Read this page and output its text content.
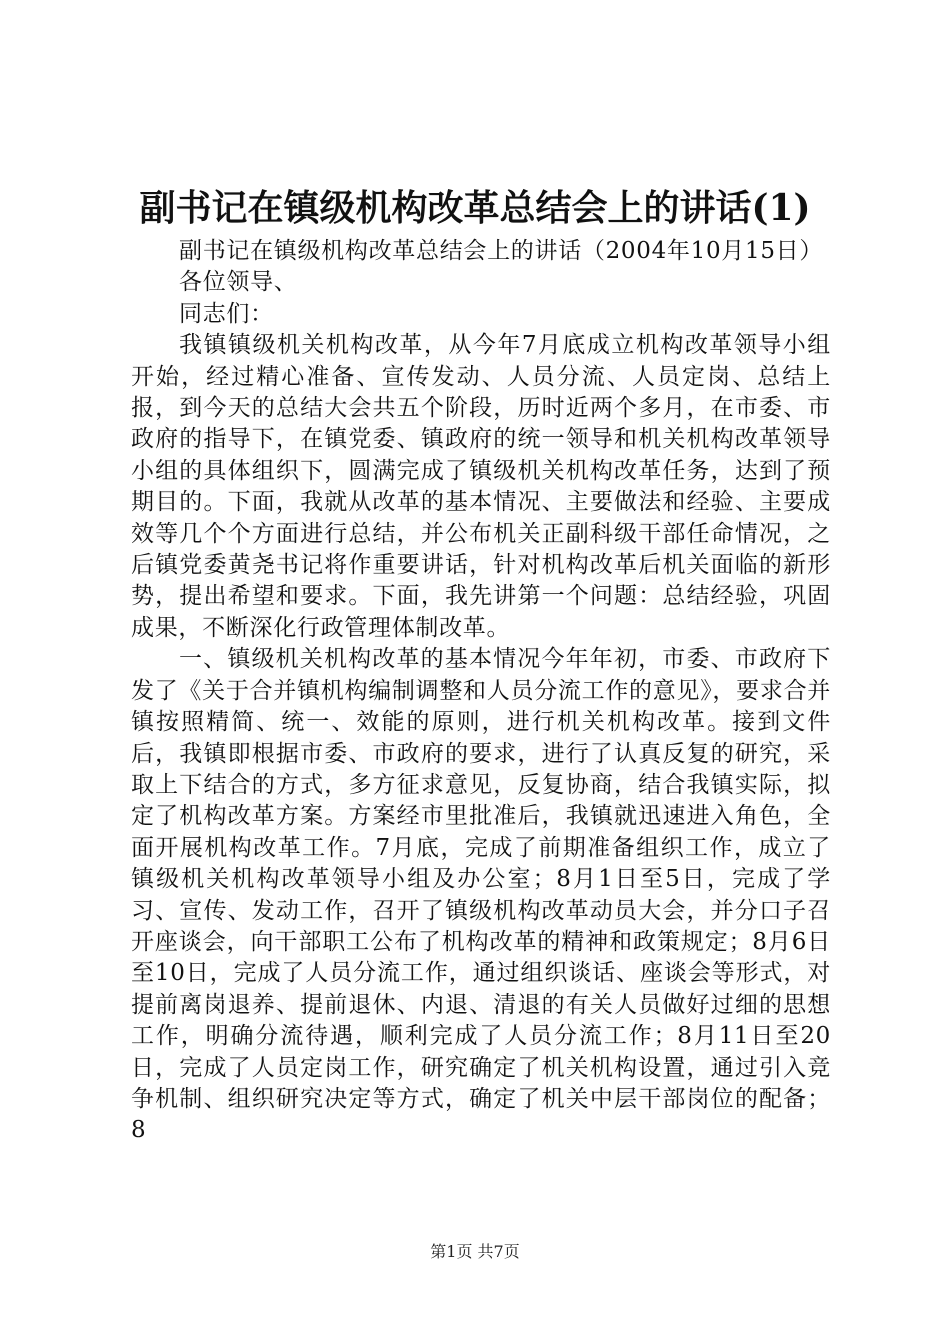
副书记在镇级机构改革总结会上的讲话(1)

副书记在镇级机构改革总结会上的讲话（2004年10月15日）

各位领导、

同志们：

我镇镇级机关机构改革，从今年7月底成立机构改革领导小组开始，经过精心准备、宣传发动、人员分流、人员定岗、总结上报，到今天的总结大会共五个阶段，历时近两个多月，在市委、市政府的指导下，在镇党委、镇政府的统一领导和机关机构改革领导小组的具体组织下，圆满完成了镇级机关机构改革任务，达到了预期目的。下面，我就从改革的基本情况、主要做法和经验、主要成效等几个个方面进行总结，并公布机关正副科级干部任命情况，之后镇党委黄尧书记将作重要讲话，针对机构改革后机关面临的新形势，提出希望和要求。下面，我先讲第一个问题：总结经验，巩固成果，不断深化行政管理体制改革。

一、镇级机关机构改革的基本情况今年年初，市委、市政府下发了《关于合并镇机构编制调整和人员分流工作的意见》，要求合并镇按照精简、统一、效能的原则，进行机关机构改革。接到文件后，我镇即根据市委、市政府的要求，进行了认真反复的研究，采取上下结合的方式，多方征求意见，反复协商，结合我镇实际，拟定了机构改革方案。方案经市里批准后，我镇就迅速进入角色，全面开展机构改革工作。7月底，完成了前期准备组织工作，成立了镇级机关机构改革领导小组及办公室；8月1日至5日，完成了学习、宣传、发动工作，召开了镇级机构改革动员大会，并分口子召开座谈会，向干部职工公布了机构改革的精神和政策规定；8月6日至10日，完成了人员分流工作，通过组织谈话、座谈会等形式，对提前离岗退养、提前退休、内退、清退的有关人员做好过细的思想工作，明确分流待遇，顺利完成了人员分流工作；8月11日至20日，完成了人员定岗工作，研究确定了机关机构设置，通过引入竞争机制、组织研究决定等方式，确定了机关中层干部岗位的配备；8

第1页 共7页
